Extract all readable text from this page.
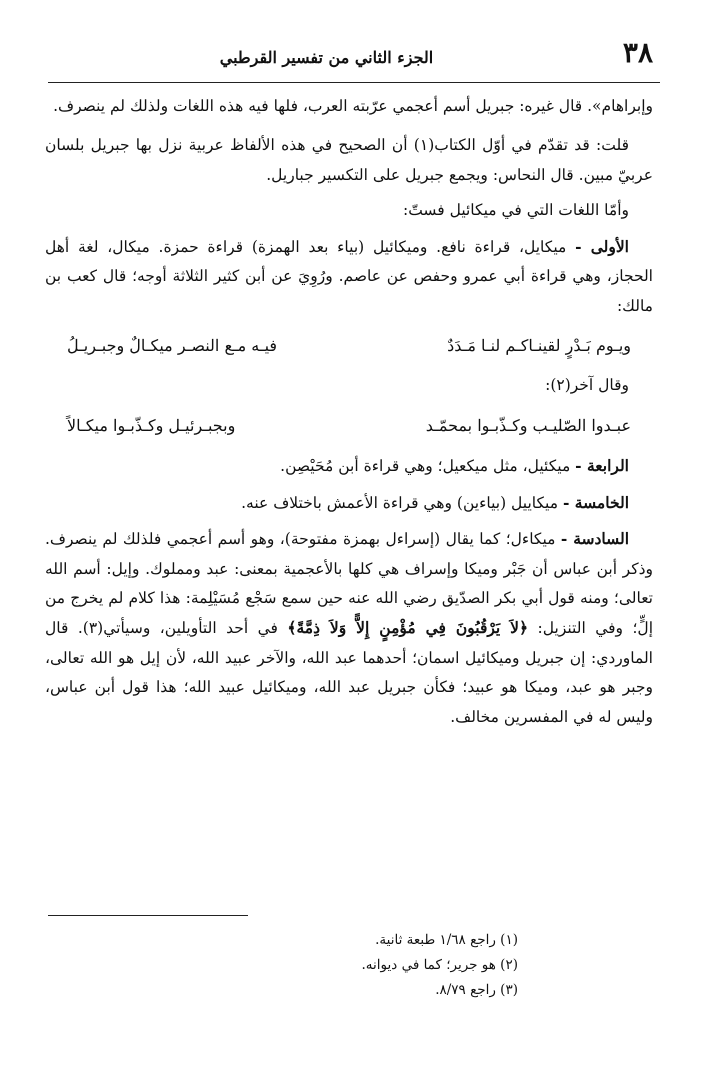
٣٨
الجزء الثاني من تفسير القرطبي

وإبراهام». قال غيره: جبريل أسم أعجمي عرّبته العرب، فلها فيه هذه اللغات ولذلك لم ينصرف.

قلت: قد تقدّم في أوّل الكتاب(١) أن الصحيح في هذه الألفاظ عربية نزل بها جبريل بلسان عربيّ مبين. قال النحاس: ويجمع جبريل على التكسير جباريل.

وأمّا اللغات التي في ميكائيل فستّ:

الأولى - ميكايل، قراءة نافع. وميكائيل (بياء بعد الهمزة) قراءة حمزة. ميكال، لغة أهل الحجاز، وهي قراءة أبي عمرو وحفص عن عاصم. ورُوِيَ عن أبن كثير الثلاثة أوجه؛ قال كعب بن مالك:

ويـوم بَـدْرٍ لقينـاكـم لنـا مَـدَدٌ
فيـه مـع النصـر ميكـالٌ وجبـريـلُ

وقال آخر(٢):

عبـدوا الصّليـب وكـذّبـوا بمحمّـد
وبجبـرئيـل وكـذّبـوا ميكـالاً

الرابعة - ميكئيل، مثل ميكعيل؛ وهي قراءة أبن مُحَيْصِن.

الخامسة - ميكاييل (بياءين) وهي قراءة الأعمش باختلاف عنه.

السادسة - ميكاءل؛ كما يقال (إسراءل بهمزة مفتوحة)، وهو أسم أعجمي فلذلك لم ينصرف. وذكر أبن عباس أن جَبْر وميكا وإسراف هي كلها بالأعجمية بمعنى: عبد ومملوك. وإيل: أسم الله تعالى؛ ومنه قول أبي بكر الصدّيق رضي الله عنه حين سمع سَجْع مُسَيْلِمة: هذا كلام لم يخرج من إلٍّ؛ وفي التنزيل: ﴿لاَ يَرْقُبُونَ فِي مُؤْمِنٍ إِلاًّ وَلاَ ذِمَّةً﴾ في أحد التأويلين، وسيأتي(٣). قال الماوردي: إن جبريل وميكائيل اسمان؛ أحدهما عبد الله، والآخر عبيد الله، لأن إيل هو الله تعالى، وجبر هو عبد، وميكا هو عبيد؛ فكأن جبريل عبد الله، وميكائيل عبيد الله؛ هذا قول أبن عباس، وليس له في المفسرين مخالف.

(١) راجع ١/٦٨ طبعة ثانية.
(٢) هو جرير؛ كما في ديوانه.
(٣) راجع ٨/٧٩.
